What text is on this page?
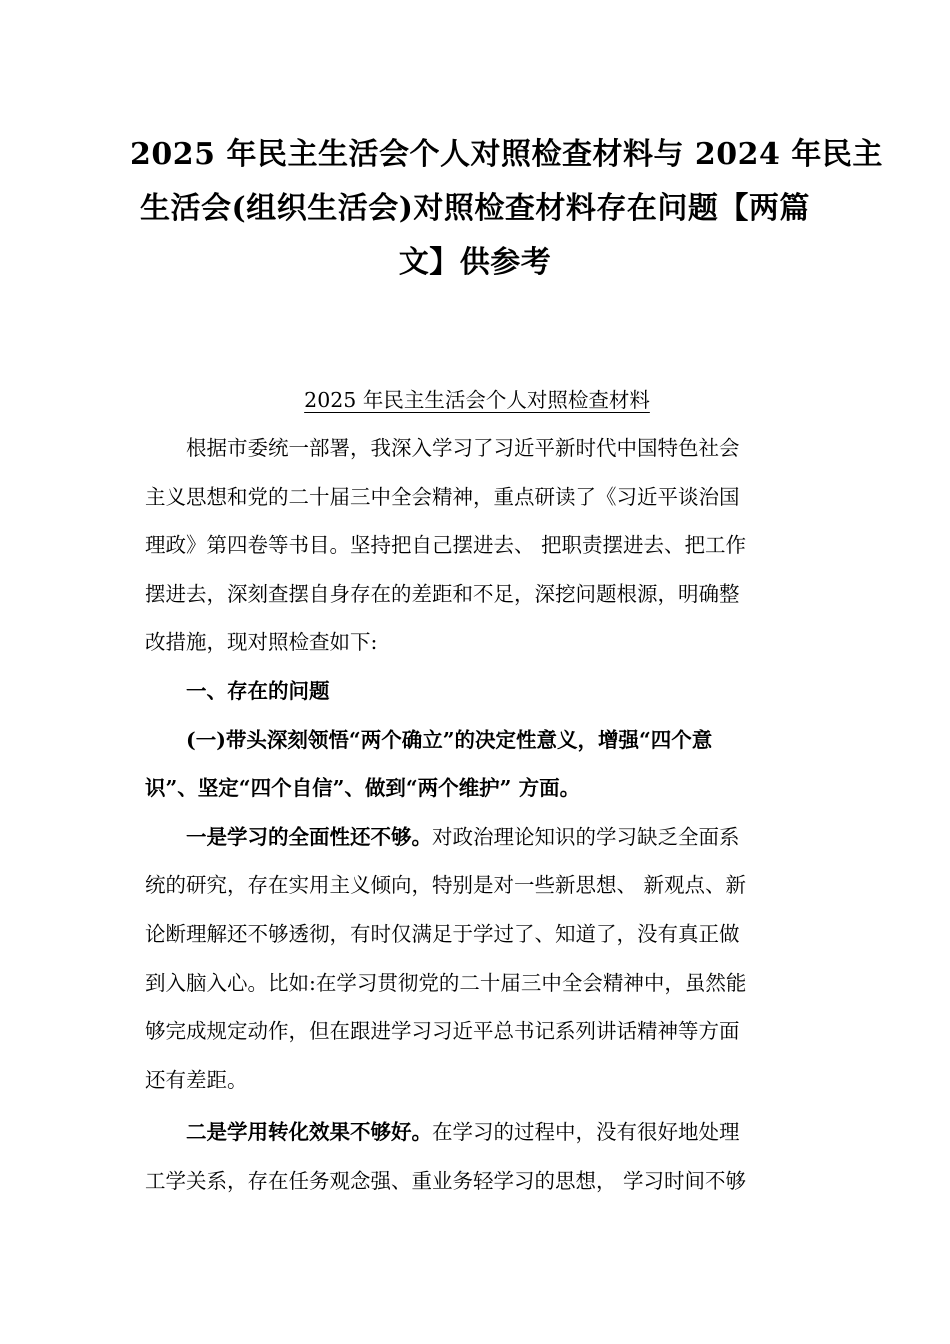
2025 年民主生活会个人对照检查材料与 2024 年民主
生活会(组织生活会)对照检查材料存在问题【两篇
文】供参考
2025 年民主生活会个人对照检查材料
根据市委统一部署，我深入学习了习近平新时代中国特色社会
主义思想和党的二十届三中全会精神，重点研读了《习近平谈治国
理政》第四卷等书目。坚持把自己摆进去、 把职责摆进去、把工作
摆进去，深刻查摆自身存在的差距和不足，深挖问题根源，明确整
改措施，现对照检查如下:
一、存在的问题
(一)带头深刻领悟“两个确立”的决定性意义，增强“四个意
识”、坚定“四个自信”、做到“两个维护” 方面。
一是学习的全面性还不够。对政治理论知识的学习缺乏全面系
统的研究，存在实用主义倾向，特别是对一些新思想、 新观点、新
论断理解还不够透彻，有时仅满足于学过了、知道了，没有真正做
到入脑入心。比如:在学习贯彻党的二十届三中全会精神中，虽然能
够完成规定动作，但在跟进学习习近平总书记系列讲话精神等方面
还有差距。
二是学用转化效果不够好。在学习的过程中，没有很好地处理
工学关系，存在任务观念强、重业务轻学习的思想， 学习时间不够
